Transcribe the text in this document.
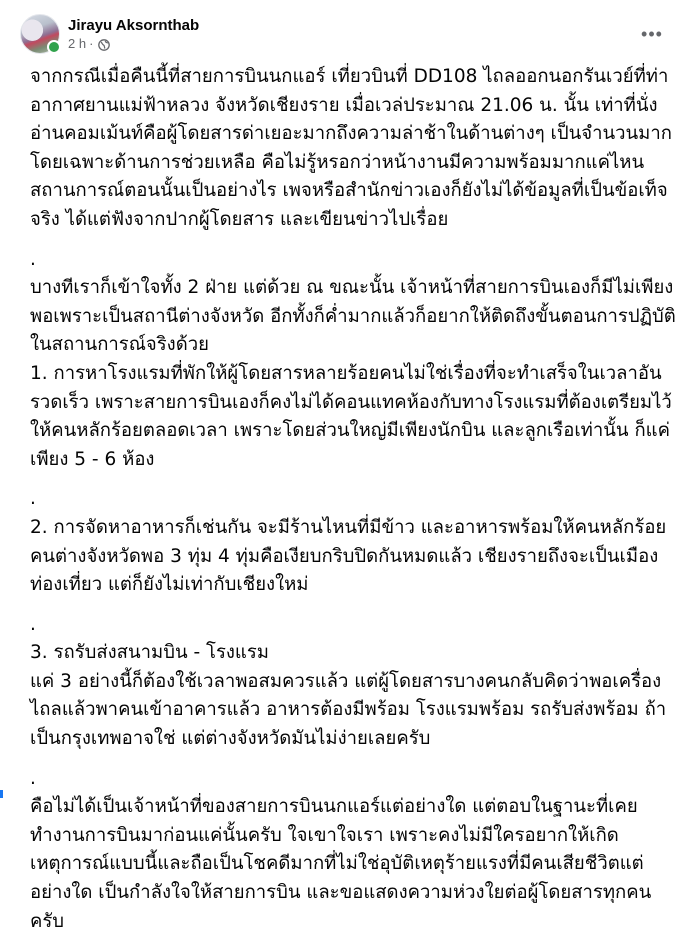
Jirayu Aksornthab
2 h ·	•••

จากกรณีเมื่อคืนนี้ที่สายการบินนกแอร์ เที่ยวบินที่ DD108 ไถลออกนอกรันเวย์ที่ท่าอากาศยานแม่ฟ้าหลวง จังหวัดเชียงราย เมื่อเวล่ประมาณ 21.06 น. นั้น เท่าที่นั่งอ่านคอมเม้นท์คือผู้โดยสารด่าเยอะมากถึงความล่าช้าในด้านต่างๆ เป็นจำนวนมาก โดยเฉพาะด้านการช่วยเหลือ คือไม่รู้หรอกว่าหน้างานมีความพร้อมมากแค่ไหน สถานการณ์ตอนนั้นเป็นอย่างไร เพจหรือสำนักข่าวเองก็ยังไม่ได้ข้อมูลที่เป็นข้อเท็จจริง ได้แต่ฟังจากปากผู้โดยสาร และเขียนข่าวไปเรื่อย

.

บางทีเราก็เข้าใจทั้ง 2 ฝ่าย แต่ด้วย ณ ขณะนั้น เจ้าหน้าที่สายการบินเองก็มีไม่เพียงพอเพราะเป็นสถานีต่างจังหวัด อีกทั้งก็ค่ำมากแล้วก็อยากให้ติดถึงขั้นตอนการปฏิบัติในสถานการณ์จริงด้วย

1. การหาโรงแรมที่พักให้ผู้โดยสารหลายร้อยคนไม่ใช่เรื่องที่จะทำเสร็จในเวลาอันรวดเร็ว เพราะสายการบินเองก็คงไม่ได้คอนแทคห้องกับทางโรงแรมที่ต้องเตรียมไว้ให้คนหลักร้อยตลอดเวลา เพราะโดยส่วนใหญ่มีเพียงนักบิน และลูกเรือเท่านั้น ก็แค่เพียง 5 - 6 ห้อง

.

2. การจัดหาอาหารก็เช่นกัน จะมีร้านไหนที่มีข้าว และอาหารพร้อมให้คนหลักร้อยคนต่างจังหวัดพอ 3 ทุ่ม 4 ทุ่มคือเงียบกริบปิดกันหมดแล้ว เชียงรายถึงจะเป็นเมืองท่องเที่ยว แต่ก็ยังไม่เท่ากับเชียงใหม่

.

3. รถรับส่งสนามบิน - โรงแรม

แค่ 3 อย่างนี้ก็ต้องใช้เวลาพอสมควรแล้ว แต่ผู้โดยสารบางคนกลับคิดว่าพอเครื่องไถลแล้วพาคนเข้าอาคารแล้ว อาหารต้องมีพร้อม โรงแรมพร้อม รถรับส่งพร้อม ถ้าเป็นกรุงเทพอาจใช่ แต่ต่างจังหวัดมันไม่ง่ายเลยครับ

.

คือไม่ได้เป็นเจ้าหน้าที่ของสายการบินนกแอร์แต่อย่างใด แต่ตอบในฐานะที่เคยทำงานการบินมาก่อนแค่นั้นครับ ใจเขาใจเรา เพราะคงไม่มีใครอยากให้เกิดเหตุการณ์แบบนี้และถือเป็นโชคดีมากที่ไม่ใช่อุบัติเหตุร้ายแรงที่มีคนเสียชีวิตแต่อย่างใด เป็นกำลังใจให้สายการบิน และขอแสดงความห่วงใยต่อผู้โดยสารทุกคนครับ
